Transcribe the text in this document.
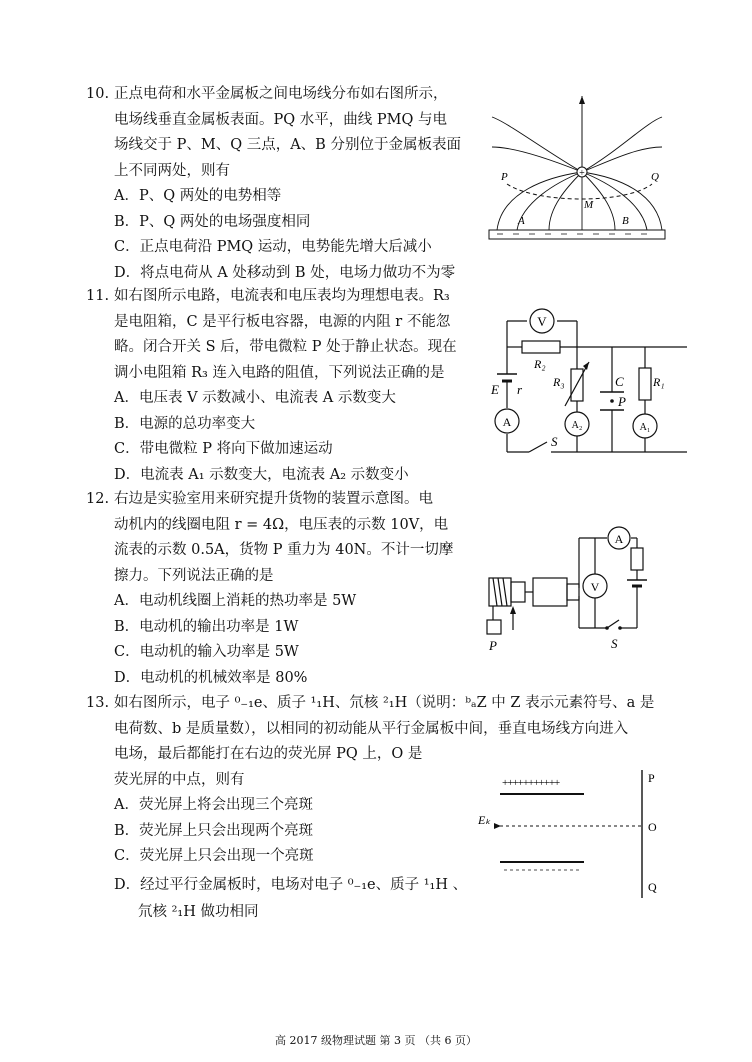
10. 正点电荷和水平金属板之间电场线分布如右图所示，
电场线垂直金属板表面。PQ 水平，曲线 PMQ 与电
场线交于 P、M、Q 三点，A、B 分别位于金属板表面
上不同两处，则有
A．P、Q 两处的电势相等
B．P、Q 两处的电场强度相同
C．正点电荷沿 PMQ 运动，电势能先增大后减小
D．将点电荷从 A 处移动到 B 处，电场力做功不为零
+
P	Q
M
A	B
11. 如右图所示电路，电流表和电压表均为理想电表。R₃
是电阻箱，C 是平行板电容器，电源的内阻 r 不能忽
略。闭合开关 S 后，带电微粒 P 处于静止状态。现在
调小电阻箱 R₃ 连入电路的阻值，下列说法正确的是
A．电压表 V 示数减小、电流表 A 示数变大
B．电源的总功率变大
C．带电微粒 P 将向下做加速运动
D．电流表 A₁ 示数变大，电流表 A₂ 示数变小
V
R₂
R₃	C R₁
E r
P
A	A₂	A₁
S
12. 右边是实验室用来研究提升货物的装置示意图。电
动机内的线圈电阻 r = 4Ω，电压表的示数 10V，电
流表的示数 0.5A，货物 P 重力为 40N。不计一切摩
擦力。下列说法正确的是
A．电动机线圈上消耗的热功率是 5W
B．电动机的输出功率是 1W
C．电动机的输入功率是 5W
D．电动机的机械效率是 80%
A
V
P	S
13. 如右图所示，电子 ⁰₋₁e、质子 ¹₁H、氘核 ²₁H（说明：ᵇₐZ 中 Z 表示元素符号、a 是
电荷数、b 是质量数），以相同的初动能从平行金属板中间，垂直电场线方向进入
电场，最后都能打在右边的荧光屏 PQ 上，O 是
荧光屏的中点，则有
A．荧光屏上将会出现三个亮斑
B．荧光屏上只会出现两个亮斑
C．荧光屏上只会出现一个亮斑
D．经过平行金属板时，电场对电子 ⁰₋₁e、质子 ¹₁H 、
氘核 ²₁H 做功相同
+++++++++++
Eₖ
P
O
Q
高 2017 级物理试题 第 3 页 （共 6 页）
